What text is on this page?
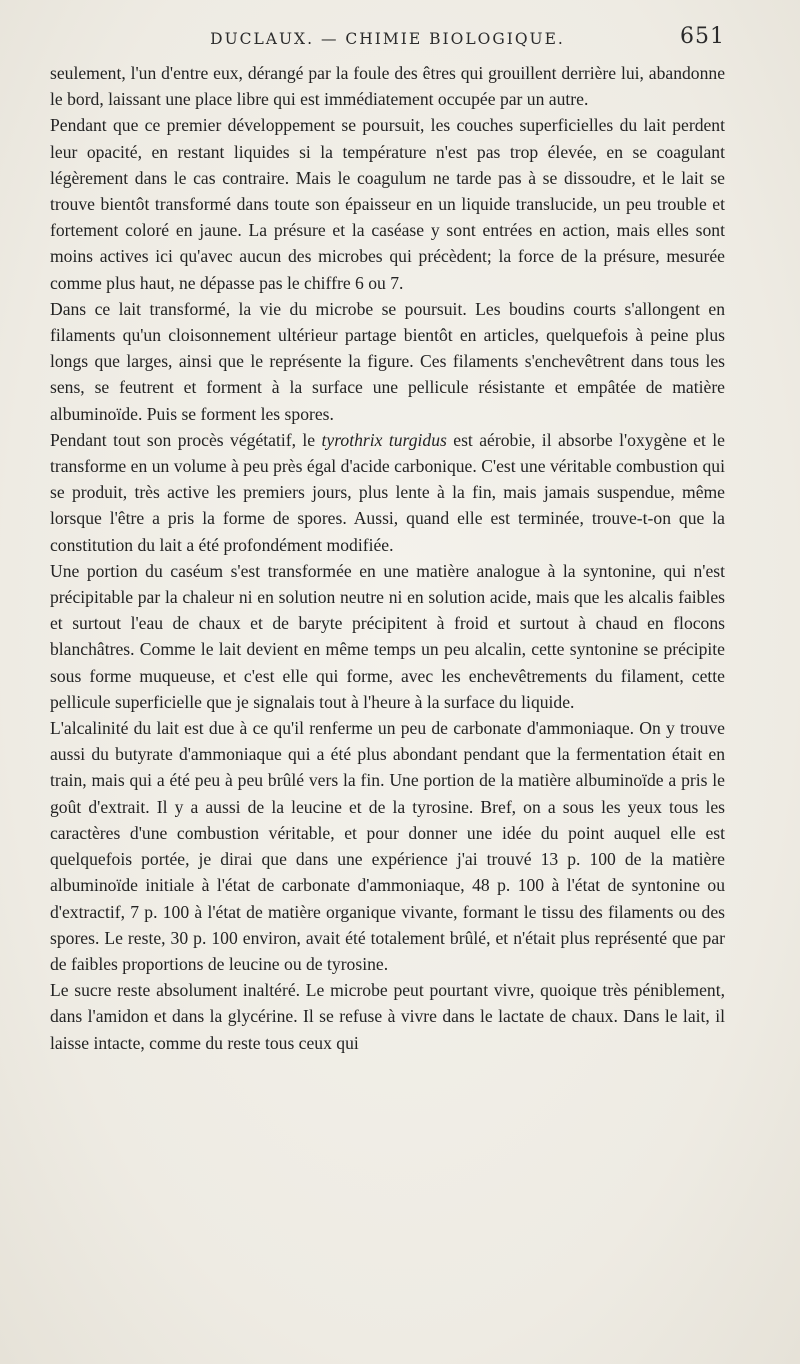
DUCLAUX. — CHIMIE BIOLOGIQUE.	651

seulement, l'un d'entre eux, dérangé par la foule des êtres qui grouillent derrière lui, abandonne le bord, laissant une place libre qui est immédiatement occupée par un autre.

Pendant que ce premier développement se poursuit, les couches superficielles du lait perdent leur opacité, en restant liquides si la température n'est pas trop élevée, en se coagulant légèrement dans le cas contraire. Mais le coagulum ne tarde pas à se dissoudre, et le lait se trouve bientôt transformé dans toute son épaisseur en un liquide translucide, un peu trouble et fortement coloré en jaune. La présure et la caséase y sont entrées en action, mais elles sont moins actives ici qu'avec aucun des microbes qui précèdent; la force de la présure, mesurée comme plus haut, ne dépasse pas le chiffre 6 ou 7.

Dans ce lait transformé, la vie du microbe se poursuit. Les boudins courts s'allongent en filaments qu'un cloisonnement ultérieur partage bientôt en articles, quelquefois à peine plus longs que larges, ainsi que le représente la figure. Ces filaments s'enchevêtrent dans tous les sens, se feutrent et forment à la surface une pellicule résistante et empâtée de matière albuminoïde. Puis se forment les spores.

Pendant tout son procès végétatif, le tyrothrix turgidus est aérobie, il absorbe l'oxygène et le transforme en un volume à peu près égal d'acide carbonique. C'est une véritable combustion qui se produit, très active les premiers jours, plus lente à la fin, mais jamais suspendue, même lorsque l'être a pris la forme de spores. Aussi, quand elle est terminée, trouve-t-on que la constitution du lait a été profondément modifiée.

Une portion du caséum s'est transformée en une matière analogue à la syntonine, qui n'est précipitable par la chaleur ni en solution neutre ni en solution acide, mais que les alcalis faibles et surtout l'eau de chaux et de baryte précipitent à froid et surtout à chaud en flocons blanchâtres. Comme le lait devient en même temps un peu alcalin, cette syntonine se précipite sous forme muqueuse, et c'est elle qui forme, avec les enchevêtrements du filament, cette pellicule superficielle que je signalais tout à l'heure à la surface du liquide.

L'alcalinité du lait est due à ce qu'il renferme un peu de carbonate d'ammoniaque. On y trouve aussi du butyrate d'ammoniaque qui a été plus abondant pendant que la fermentation était en train, mais qui a été peu à peu brûlé vers la fin. Une portion de la matière albuminoïde a pris le goût d'extrait. Il y a aussi de la leucine et de la tyrosine. Bref, on a sous les yeux tous les caractères d'une combustion véritable, et pour donner une idée du point auquel elle est quelquefois portée, je dirai que dans une expérience j'ai trouvé 13 p. 100 de la matière albuminoïde initiale à l'état de carbonate d'ammoniaque, 48 p. 100 à l'état de syntonine ou d'extractif, 7 p. 100 à l'état de matière organique vivante, formant le tissu des filaments ou des spores. Le reste, 30 p. 100 environ, avait été totalement brûlé, et n'était plus représenté que par de faibles proportions de leucine ou de tyrosine.

Le sucre reste absolument inaltéré. Le microbe peut pourtant vivre, quoique très péniblement, dans l'amidon et dans la glycérine. Il se refuse à vivre dans le lactate de chaux. Dans le lait, il laisse intacte, comme du reste tous ceux qui
